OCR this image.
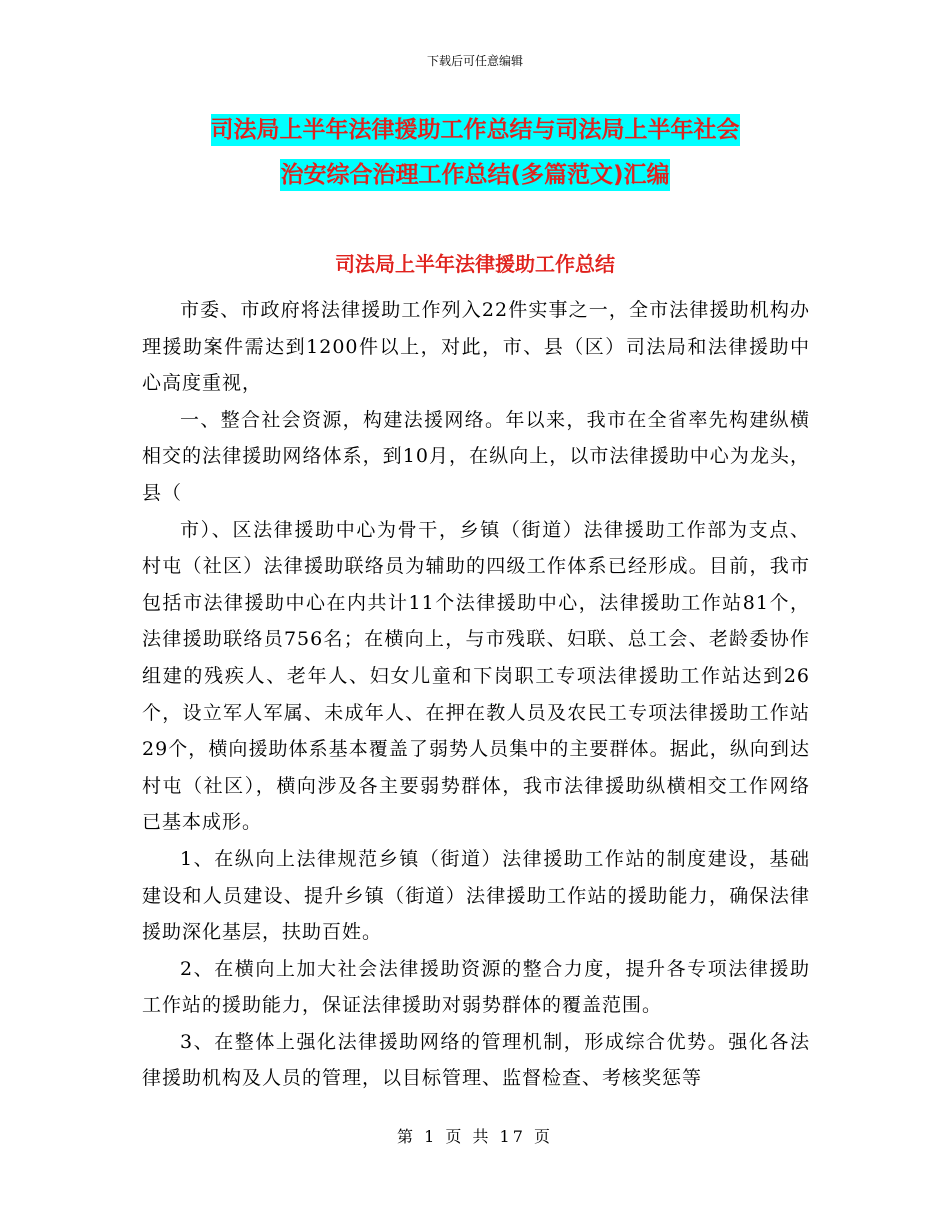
下载后可任意编辑
司法局上半年法律援助工作总结与司法局上半年社会
治安综合治理工作总结(多篇范文)汇编
司法局上半年法律援助工作总结

市委、市政府将法律援助工作列入22件实事之一，全市法律援助机构办理援助案件需达到1200件以上，对此，市、县（区）司法局和法律援助中心高度重视，

一、整合社会资源，构建法援网络。年以来，我市在全省率先构建纵横相交的法律援助网络体系，到10月，在纵向上，以市法律援助中心为龙头，县（

市）、区法律援助中心为骨干，乡镇（街道）法律援助工作部为支点、村屯（社区）法律援助联络员为辅助的四级工作体系已经形成。目前，我市包括市法律援助中心在内共计11个法律援助中心，法律援助工作站81个，法律援助联络员756名；在横向上，与市残联、妇联、总工会、老龄委协作组建的残疾人、老年人、妇女儿童和下岗职工专项法律援助工作站达到26个，设立军人军属、未成年人、在押在教人员及农民工专项法律援助工作站29个，横向援助体系基本覆盖了弱势人员集中的主要群体。据此，纵向到达村屯（社区），横向涉及各主要弱势群体，我市法律援助纵横相交工作网络已基本成形。

1、在纵向上法律规范乡镇（街道）法律援助工作站的制度建设，基础建设和人员建设、提升乡镇（街道）法律援助工作站的援助能力，确保法律援助深化基层，扶助百姓。

2、在横向上加大社会法律援助资源的整合力度，提升各专项法律援助工作站的援助能力，保证法律援助对弱势群体的覆盖范围。

3、在整体上强化法律援助网络的管理机制，形成综合优势。强化各法律援助机构及人员的管理，以目标管理、监督检查、考核奖惩等

第 1 页 共 17 页
